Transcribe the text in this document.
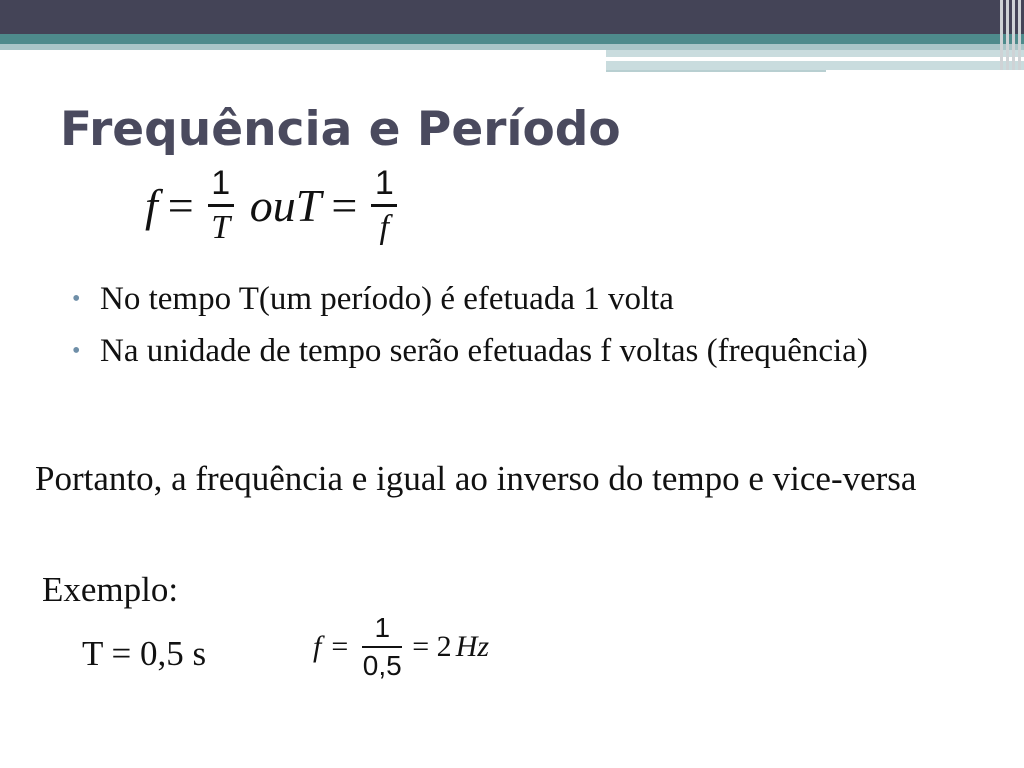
Frequência e Período
$f = \frac{1}{T}$ ou $T = \frac{1}{f}$
• No tempo T(um período) é efetuada 1 volta
• Na unidade de tempo serão efetuadas f voltas (frequência)

Portanto, a frequência e igual ao inverso do tempo e vice-versa

Exemplo:

T = 0,5 s	$f = \frac{1}{0,5} = 2$ Hz
